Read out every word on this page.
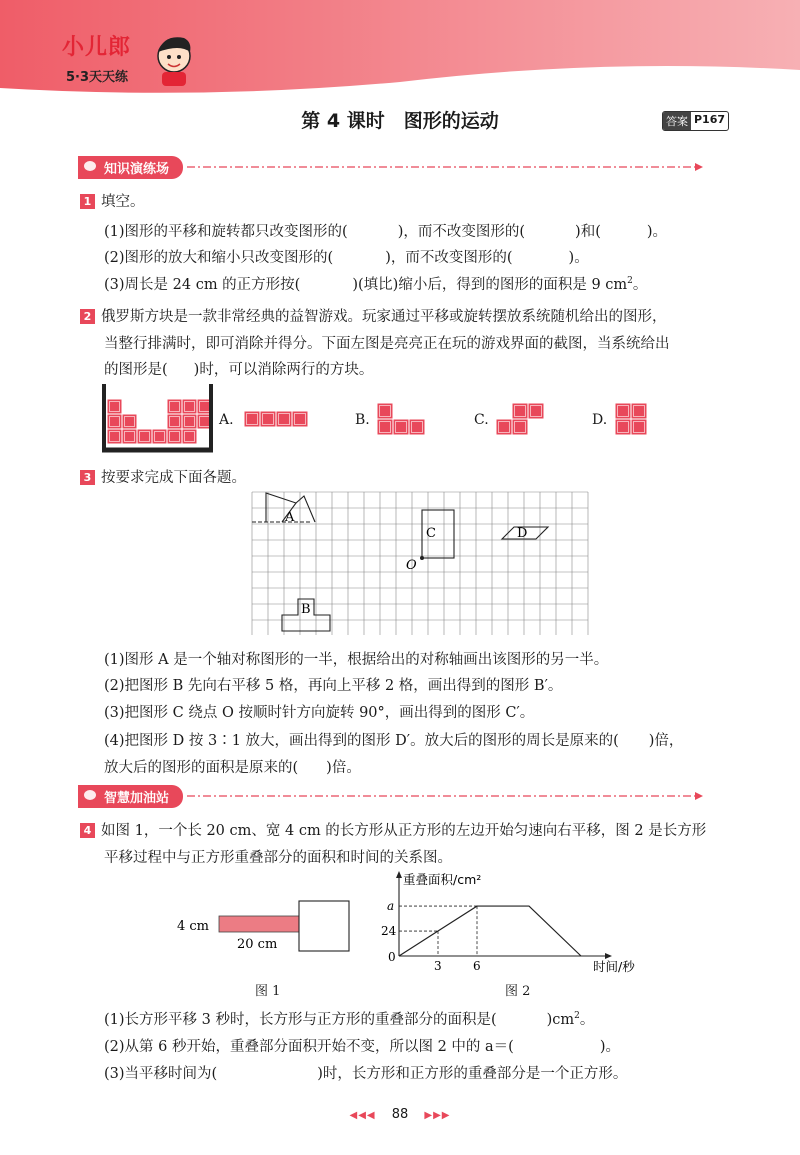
小儿郎
5·3天天练
第 4 课时　图形的运动	答案 P167
知识演练场
1 填空。
(1)图形的平移和旋转都只改变图形的(	)，而不改变图形的(	)和(	)。
(2)图形的放大和缩小只改变图形的(	)，而不改变图形的(	)。
(3)周长是 24 cm 的正方形按(	)(填比)缩小后，得到的图形的面积是 9 $cm^2$。
2 俄罗斯方块是一款非常经典的益智游戏。玩家通过平移或旋转摆放系统随机给出的图形，
当整行排满时，即可消除并得分。下面左图是亮亮正在玩的游戏界面的截图，当系统给出
的图形是( )时，可以消除两行的方块。
A.	B.	C.	D.
3 按要求完成下面各题。
A
C
O
D
B
(1)图形 A 是一个轴对称图形的一半，根据给出的对称轴画出该图形的另一半。
(2)把图形 B 先向右平移 5 格，再向上平移 2 格，画出得到的图形 B′。
(3)把图形 C 绕点 O 按顺时针方向旋转 90°，画出得到的图形 C′。
(4)把图形 D 按 3∶1 放大，画出得到的图形 D′。放大后的图形的周长是原来的( )倍，
放大后的图形的面积是原来的( )倍。
智慧加油站
4 如图 1，一个长 20 cm、宽 4 cm 的长方形从正方形的左边开始匀速向右平移，图 2 是长方形
平移过程中与正方形重叠部分的面积和时间的关系图。
4 cm
20 cm
图 1
重叠面积/cm²
时间/秒
0
3	6
24
a
图 2
(1)长方形平移 3 秒时，长方形与正方形的重叠部分的面积是(	)$cm^2$。
(2)从第 6 秒开始，重叠部分面积开始不变，所以图 2 中的 a＝(	)。
(3)当平移时间为(	)时，长方形和正方形的重叠部分是一个正方形。
◀◀◀ 88 ▶▶▶
